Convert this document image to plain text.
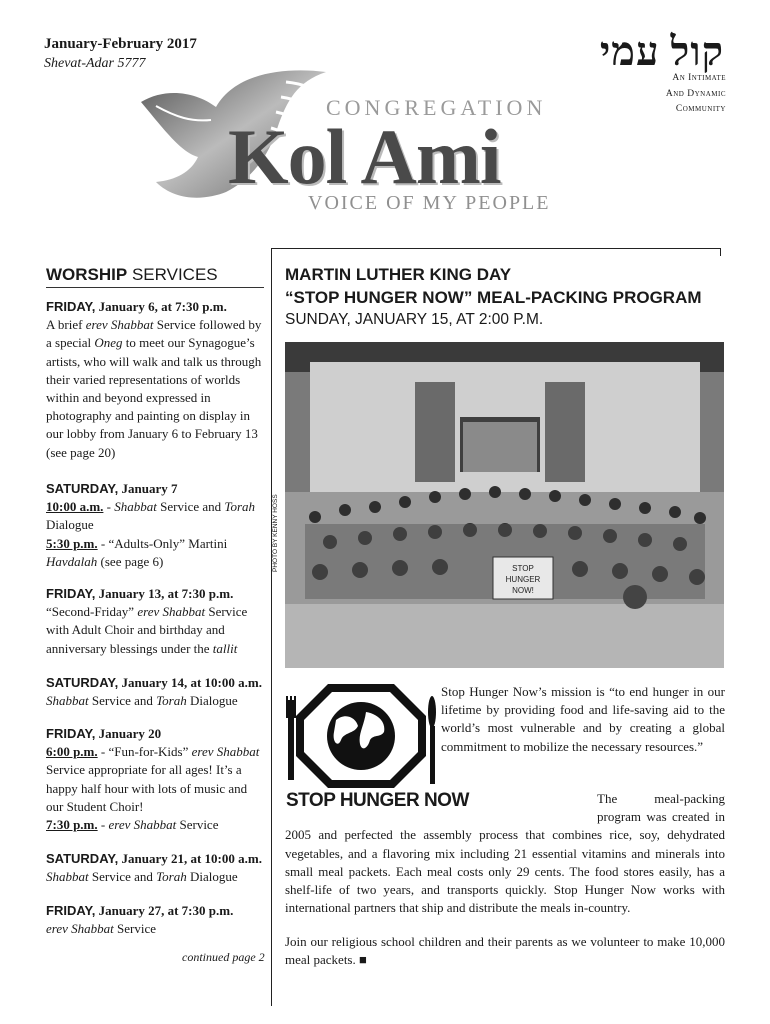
January-February 2017
Shevat-Adar 5777	קול עמי
An Intimate
And Dynamic
Community
CONGREGATION
Kol Ami
VOICE OF MY PEOPLE
WORSHIP SERVICES
FRIDAY, January 6, at 7:30 p.m.
A brief erev Shabbat Service followed by a special Oneg to meet our Synagogue’s artists, who will walk and talk us through their varied representations of worlds within and beyond expressed in photography and painting on display in our lobby from January 6 to February 13 (see page 20)
SATURDAY, January 7
10:00 a.m. - Shabbat Service and Torah Dialogue
5:30 p.m. - “Adults-Only” Martini Havdalah (see page 6)
FRIDAY, January 13, at 7:30 p.m.
“Second-Friday” erev Shabbat Service with Adult Choir and birthday and anniversary blessings under the tallit
SATURDAY, January 14, at 10:00 a.m.
Shabbat Service and Torah Dialogue
FRIDAY, January 20
6:00 p.m. - “Fun-for-Kids” erev Shabbat Service appropriate for all ages! It’s a happy half hour with lots of music and our Student Choir!
7:30 p.m. - erev Shabbat Service
SATURDAY, January 21, at 10:00 a.m.
Shabbat Service and Torah Dialogue
FRIDAY, January 27, at 7:30 p.m.
erev Shabbat Service
continued page 2
MARTIN LUTHER KING DAY
“STOP HUNGER NOW” MEAL-PACKING PROGRAM
SUNDAY, JANUARY 15, AT 2:00 P.M.
STOP
HUNGER
NOW!
PHOTO BY KENNY HOSS
STOP HUNGER NOW
Stop Hunger Now’s mission is “to end hunger in our lifetime by providing food and life-saving aid to the world’s most vulnerable and by creating a global commitment to mobilize the necessary resources.”
The meal-packing program was created in 2005 and perfected the assembly process that combines rice, soy, dehydrated vegetables, and a flavoring mix including 21 essential vitamins and minerals into small meal packets. Each meal costs only 29 cents. The food stores easily, has a shelf-life of two years, and transports quickly. Stop Hunger Now works with international partners that ship and distribute the meals in-country.
Join our religious school children and their parents as we volunteer to make 10,000 meal packets. ■
